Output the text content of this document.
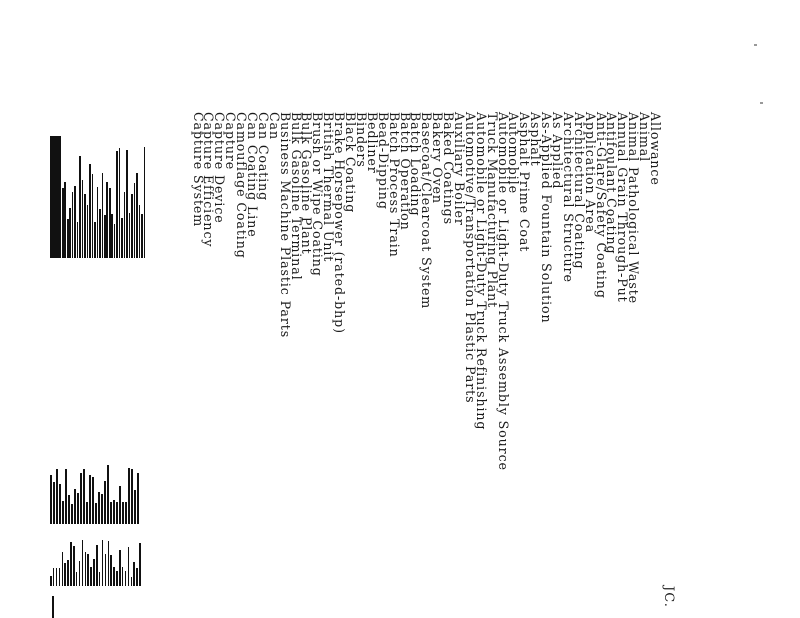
Allowance
Animal
Animal Pathological Waste
Annual Grain Through-Put
Antifoulant Coating
Anti-Glare/Safety Coating
Application Area
Architectural Coating
Architectural Structure
As Applied
As-Applied Fountain Solution
Asphalt
Asphalt Prime Coat
Automobile
Automobile or Light-Duty Truck Assembly Source
Truck Manufacturing Plant
Automobile or Light-Duty Truck Refinishing
Automotive/Transportation Plastic Parts
Auxiliary Boiler
Baked Coatings
Bakery Oven
Basecoat/Clearcoat System
Batch Loading
Batch Operation
Batch Process Train
Bead-Dipping
Bedliner
Binders
Black Coating
Brake Horsepower (rated-bhp)
British Thermal Unit
Brush or Wipe Coating
Bulk Gasoline Plant
Bulk Gasoline Terminal
Business Machine Plastic Parts
Can
Can Coating
Can Coating Line
Camouflage Coating
Capture
Capture Device
Capture Efficiency
Capture System
JC.
